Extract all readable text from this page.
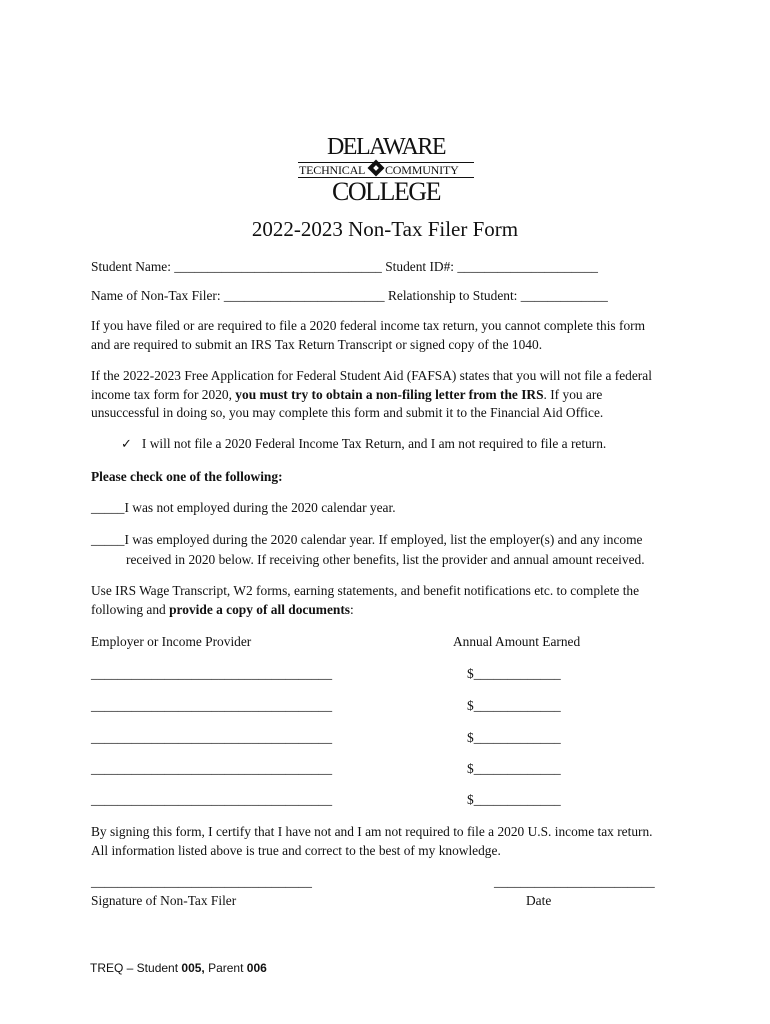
DELAWARE
TECHNICAL COMMUNITY
COLLEGE
2022-2023 Non-Tax Filer Form
Student Name: _______________________________ Student ID#: _____________________
Name of Non-Tax Filer: ________________________ Relationship to Student: _____________
If you have filed or are required to file a 2020 federal income tax return, you cannot complete this form
and are required to submit an IRS Tax Return Transcript or signed copy of the 1040.
If the 2022-2023 Free Application for Federal Student Aid (FAFSA) states that you will not file a federal
income tax form for 2020, you must try to obtain a non-filing letter from the IRS. If you are
unsuccessful in doing so, you may complete this form and submit it to the Financial Aid Office.
✓ I will not file a 2020 Federal Income Tax Return, and I am not required to file a return.
Please check one of the following:
_____I was not employed during the 2020 calendar year.
_____I was employed during the 2020 calendar year. If employed, list the employer(s) and any income
received in 2020 below. If receiving other benefits, list the provider and annual amount received.
Use IRS Wage Transcript, W2 forms, earning statements, and benefit notifications etc. to complete the
following and provide a copy of all documents:
Employer or Income Provider	Annual Amount Earned
____________________________________	$_____________
____________________________________	$_____________
____________________________________	$_____________
____________________________________	$_____________
____________________________________	$_____________
By signing this form, I certify that I have not and I am not required to file a 2020 U.S. income tax return.
All information listed above is true and correct to the best of my knowledge.
_________________________________	________________________
Signature of Non-Tax Filer	Date
TREQ – Student 005, Parent 006
